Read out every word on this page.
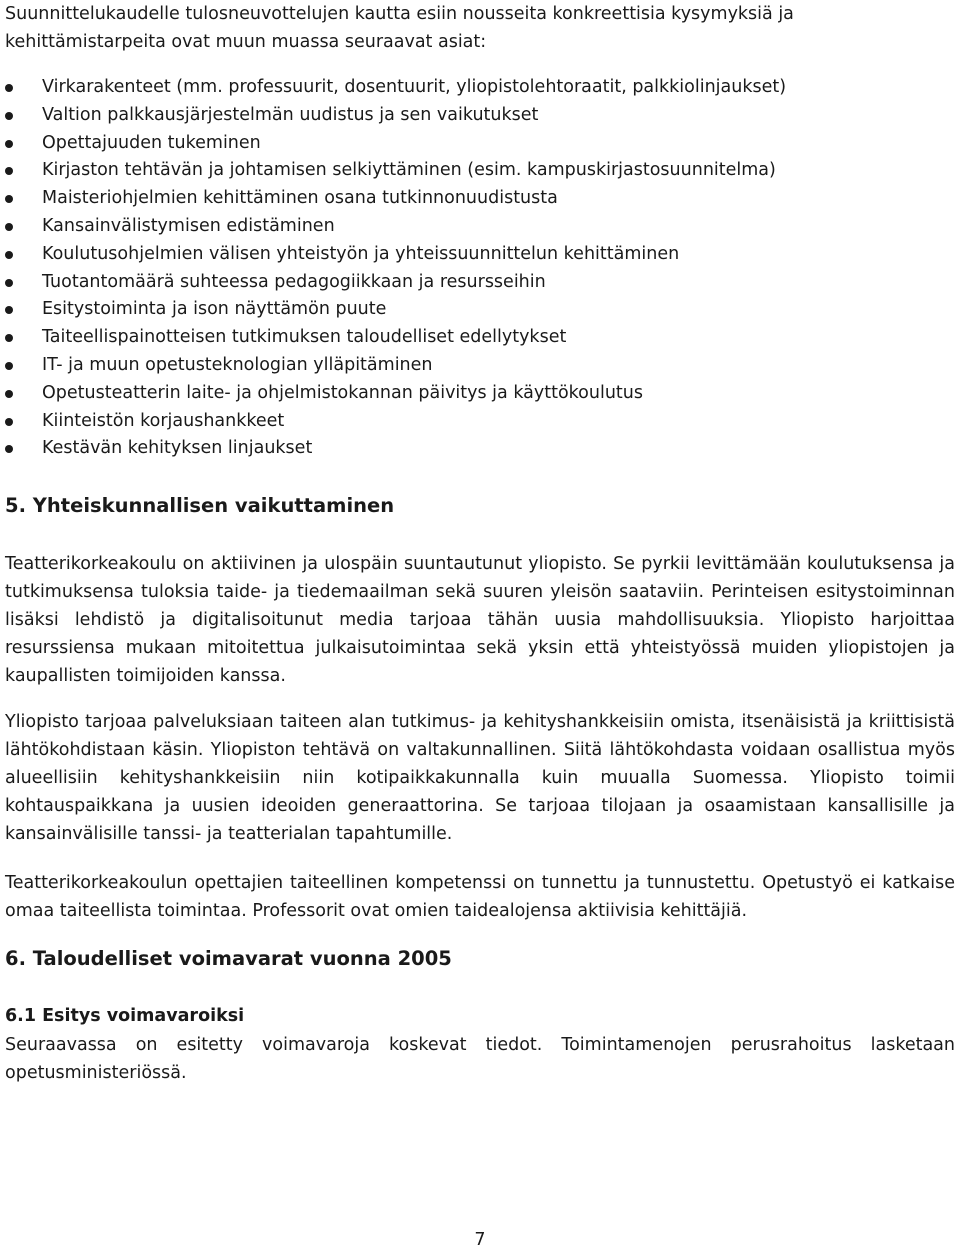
Suunnittelukaudelle tulosneuvottelujen kautta esiin nousseita konkreettisia kysymyksiä ja kehittämistarpeita ovat muun muassa seuraavat asiat:

Virkarakenteet (mm. professuurit, dosentuurit, yliopistolehtoraatit, palkkiolinjaukset)
Valtion palkkausjärjestelmän uudistus ja sen vaikutukset
Opettajuuden tukeminen
Kirjaston tehtävän ja johtamisen selkiyttäminen (esim. kampuskirjastosuunnitelma)
Maisteriohjelmien kehittäminen osana tutkinnonuudistusta
Kansainvälistymisen edistäminen
Koulutusohjelmien välisen yhteistyön ja yhteissuunnittelun kehittäminen
Tuotantomäärä suhteessa pedagogiikkaan ja resursseihin
Esitystoiminta ja ison näyttämön puute
Taiteellispainotteisen tutkimuksen taloudelliset edellytykset
IT- ja muun opetusteknologian ylläpitäminen
Opetusteatterin laite- ja ohjelmistokannan päivitys ja käyttökoulutus
Kiinteistön korjaushankkeet
Kestävän kehityksen linjaukset
5. Yhteiskunnallisen vaikuttaminen

Teatterikorkeakoulu on aktiivinen ja ulospäin suuntautunut yliopisto. Se pyrkii levittämään koulutuksensa ja tutkimuksensa tuloksia taide- ja tiedemaailman sekä suuren yleisön saataviin. Perinteisen esitystoiminnan lisäksi lehdistö ja digitalisoitunut media tarjoaa tähän uusia mahdollisuuksia. Yliopisto harjoittaa resurssiensa mukaan mitoitettua julkaisutoimintaa sekä yksin että yhteistyössä muiden yliopistojen ja kaupallisten toimijoiden kanssa.

Yliopisto tarjoaa palveluksiaan taiteen alan tutkimus- ja kehityshankkeisiin omista, itsenäisistä ja kriittisistä lähtökohdistaan käsin. Yliopiston tehtävä on valtakunnallinen. Siitä lähtökohdasta voidaan osallistua myös alueellisiin kehityshankkeisiin niin kotipaikkakunnalla kuin muualla Suomessa. Yliopisto toimii kohtauspaikkana ja uusien ideoiden generaattorina. Se tarjoaa tilojaan ja osaamistaan kansallisille ja kansainvälisille tanssi- ja teatterialan tapahtumille.

Teatterikorkeakoulun opettajien taiteellinen kompetenssi on tunnettu ja tunnustettu. Opetustyö ei katkaise omaa taiteellista toimintaa. Professorit ovat omien taidealojensa aktiivisia kehittäjiä.

6. Taloudelliset voimavarat vuonna 2005
6.1 Esitys voimavaroiksi

Seuraavassa on esitetty voimavaroja koskevat tiedot. Toimintamenojen perusrahoitus lasketaan opetusministeriössä.

7
